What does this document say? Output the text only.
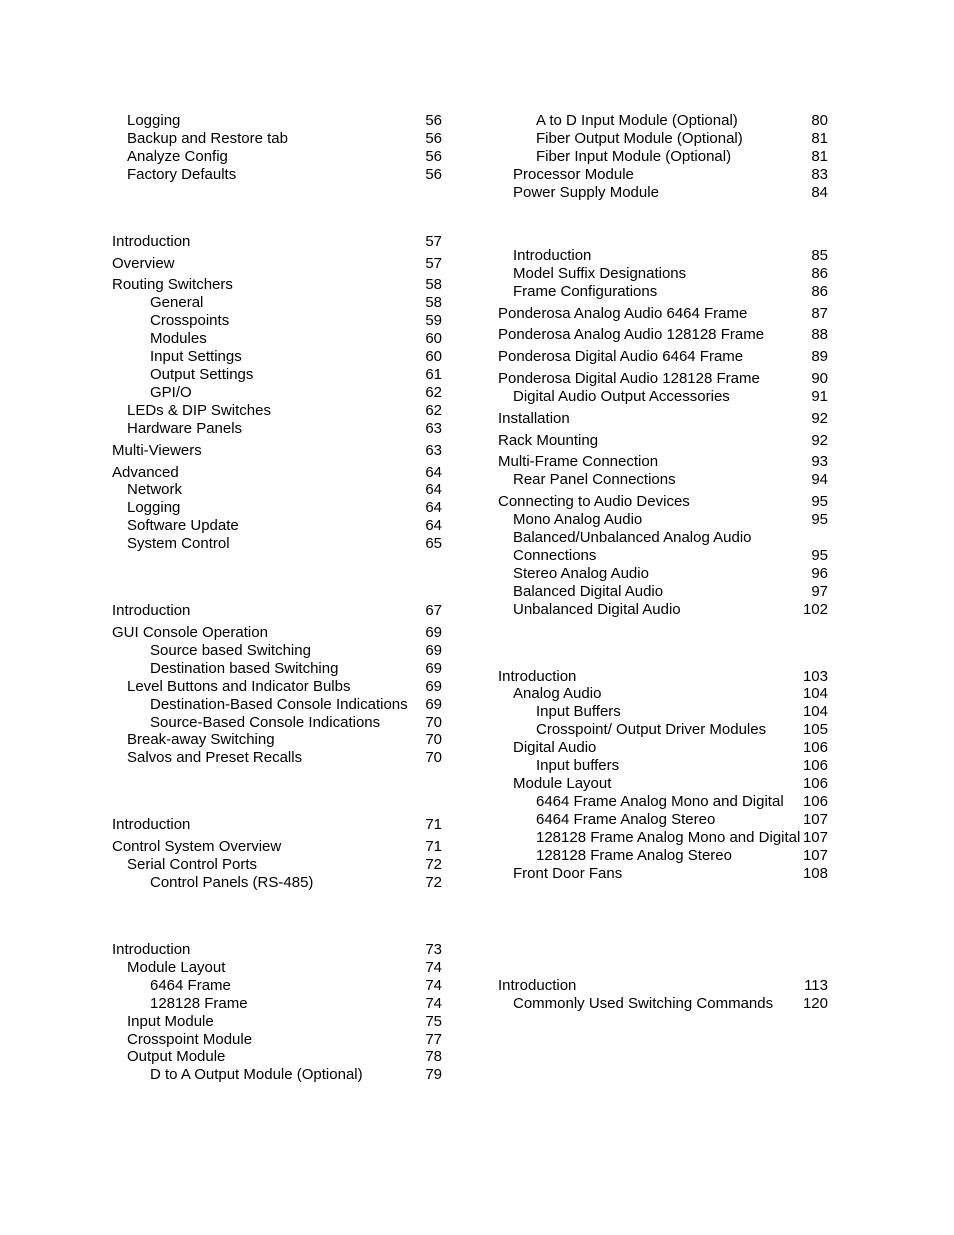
Logging	56
Backup and Restore tab	56
Analyze Config	56
Factory Defaults	56
Introduction	57
Overview	57
Routing Switchers	58
General	58
Crosspoints	59
Modules	60
Input Settings	60
Output Settings	61
GPI/O	62
LEDs & DIP Switches	62
Hardware Panels	63
Multi-Viewers	63
Advanced	64
Network	64
Logging	64
Software Update	64
System Control	65
Introduction	67
GUI Console Operation	69
Source based Switching	69
Destination based Switching	69
Level Buttons and Indicator Bulbs	69
Destination-Based Console Indications 69
Source-Based Console Indications	70
Break-away Switching	70
Salvos and Preset Recalls	70
Introduction	71
Control System Overview	71
Serial Control Ports	72
Control Panels (RS-485)	72
Introduction	73
Module Layout	74
6464 Frame	74
128128 Frame	74
Input Module	75
Crosspoint Module	77
Output Module	78
D to A Output Module (Optional)	79
A to D Input Module (Optional)	80
Fiber Output Module (Optional)	81
Fiber Input Module (Optional)	81
Processor Module	83
Power Supply Module	84
Introduction	85
Model Suffix Designations	86
Frame Configurations	86
Ponderosa Analog Audio 6464 Frame	87
Ponderosa Analog Audio 128128 Frame	88
Ponderosa Digital Audio 6464 Frame	89
Ponderosa Digital Audio 128128 Frame	90
Digital Audio Output Accessories	91
Installation	92
Rack Mounting	92
Multi-Frame Connection	93
Rear Panel Connections	94
Connecting to Audio Devices	95
Mono Analog Audio	95
Balanced/Unbalanced Analog Audio
Connections	95
Stereo Analog Audio	96
Balanced Digital Audio	97
Unbalanced Digital Audio	102
Introduction	103
Analog Audio	104
Input Buffers	104
Crosspoint/ Output Driver Modules 105
Digital Audio	106
Input buffers	106
Module Layout	106
6464 Frame Analog Mono and Digital 106
6464 Frame Analog Stereo	107
128128 Frame Analog Mono and Digital 107
128128 Frame Analog Stereo	107
Front Door Fans	108
Introduction	113
Commonly Used Switching Commands 120
